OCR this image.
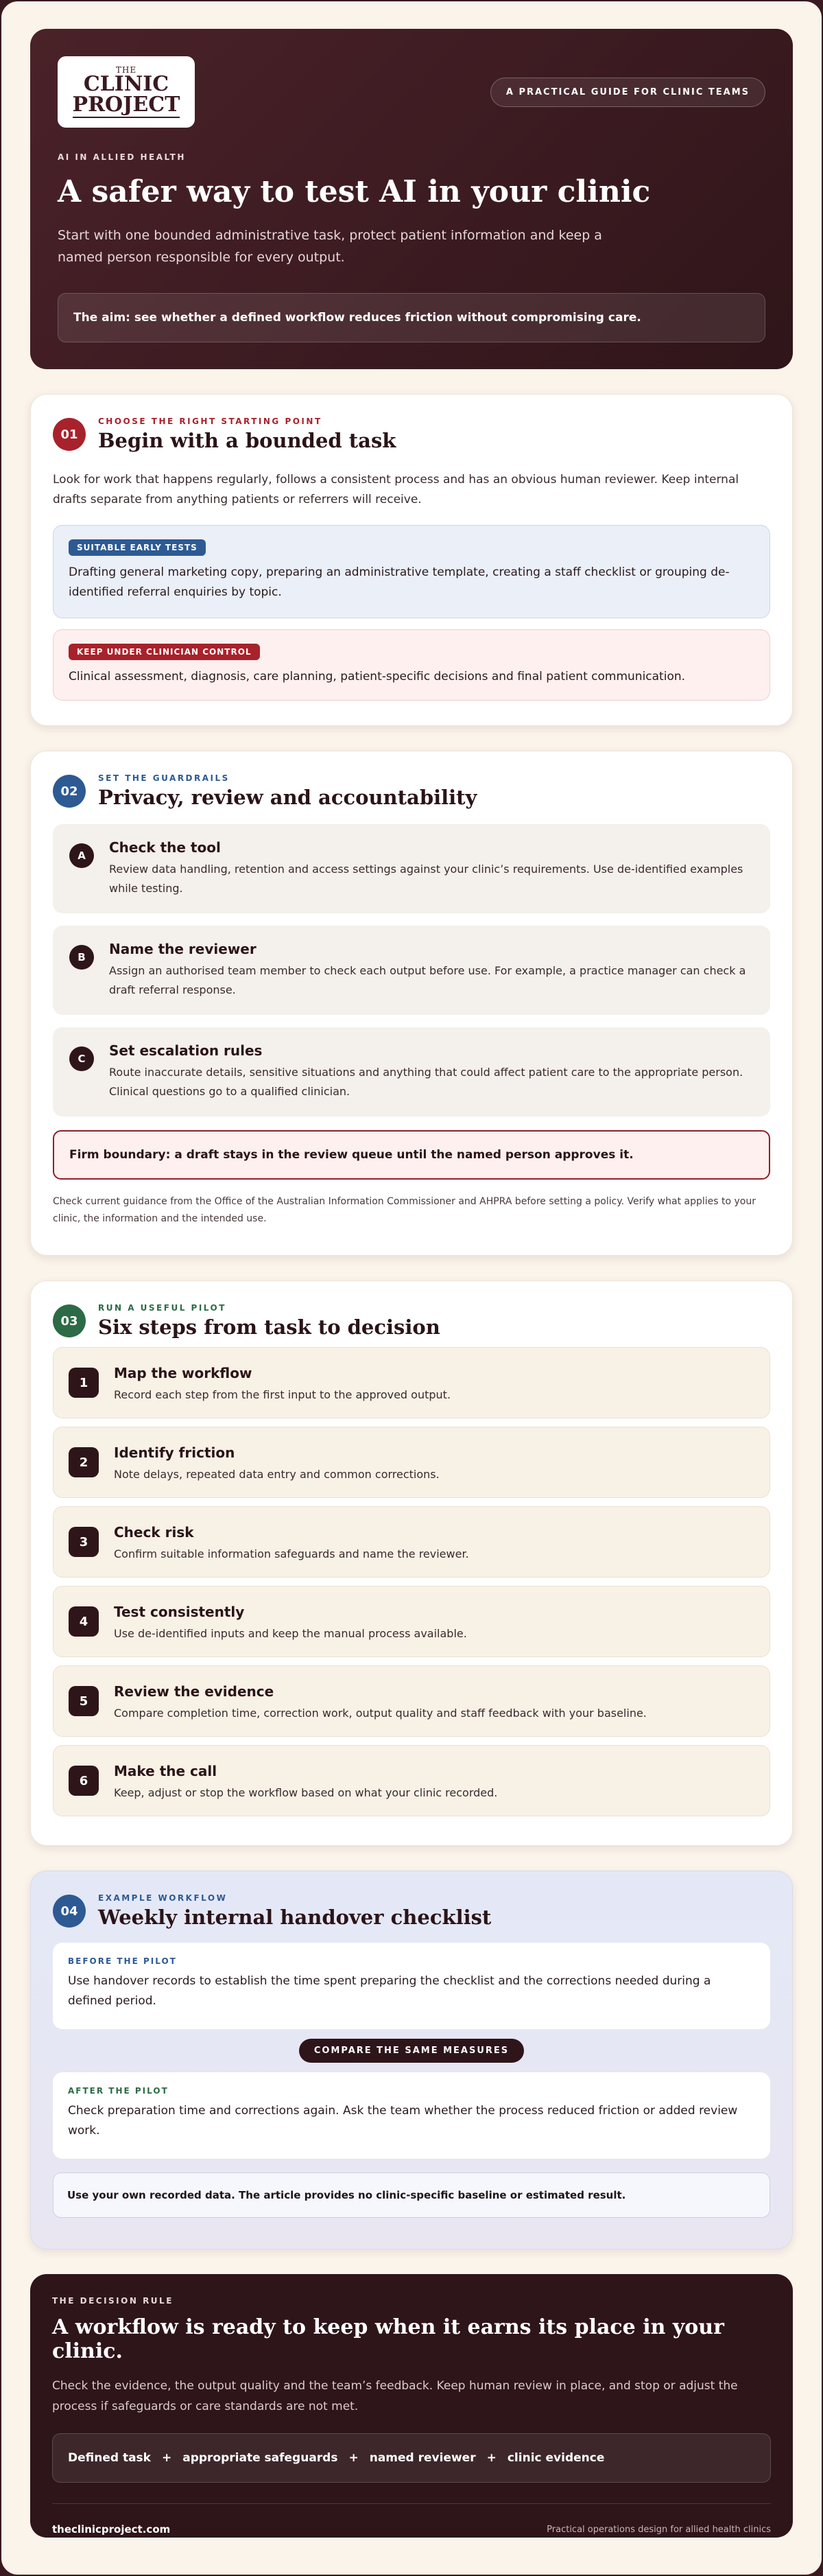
THE
CLINIC
PROJECT
A PRACTICAL GUIDE FOR CLINIC TEAMS
AI IN ALLIED HEALTH
A safer way to test AI in your clinic

Start with one bounded administrative task, protect patient information and keep a named person responsible for every output.

The aim: see whether a defined workflow reduces friction without compromising care.
01
CHOOSE THE RIGHT STARTING POINT
Begin with a bounded task

Look for work that happens regularly, follows a consistent process and has an obvious human reviewer. Keep internal drafts separate from anything patients or referrers will receive.

SUITABLE EARLY TESTS

Drafting general marketing copy, preparing an administrative template, creating a staff checklist or grouping de-identified referral enquiries by topic.

KEEP UNDER CLINICIAN CONTROL

Clinical assessment, diagnosis, care planning, patient-specific decisions and final patient communication.

02
SET THE GUARDRAILS
Privacy, review and accountability
A	Check the tool
Review data handling, retention and access settings against your clinic’s requirements. Use de-identified examples while testing.
B	Name the reviewer
Assign an authorised team member to check each output before use. For example, a practice manager can check a draft referral response.
C	Set escalation rules
Route inaccurate details, sensitive situations and anything that could affect patient care to the appropriate person. Clinical questions go to a qualified clinician.
Firm boundary: a draft stays in the review queue until the named person approves it.

Check current guidance from the Office of the Australian Information Commissioner and AHPRA before setting a policy. Verify what applies to your clinic, the information and the intended use.

03
RUN A USEFUL PILOT
Six steps from task to decision
1
Map the workflow
Record each step from the first input to the approved output.
2
Identify friction
Note delays, repeated data entry and common corrections.
3
Check risk
Confirm suitable information safeguards and name the reviewer.
4
Test consistently
Use de-identified inputs and keep the manual process available.
5
Review the evidence
Compare completion time, correction work, output quality and staff feedback with your baseline.
6
Make the call
Keep, adjust or stop the workflow based on what your clinic recorded.
04
EXAMPLE WORKFLOW
Weekly internal handover checklist
BEFORE THE PILOT

Use handover records to establish the time spent preparing the checklist and the corrections needed during a defined period.

COMPARE THE SAME MEASURES
AFTER THE PILOT

Check preparation time and corrections again. Ask the team whether the process reduced friction or added review work.

Use your own recorded data. The article provides no clinic-specific baseline or estimated result.
THE DECISION RULE
A workflow is ready to keep when it earns its place in your clinic.

Check the evidence, the output quality and the team’s feedback. Keep human review in place, and stop or adjust the process if safeguards or care standards are not met.

Defined task + appropriate safeguards + named reviewer + clinic evidence
theclinicproject.com	Practical operations design for allied health clinics
